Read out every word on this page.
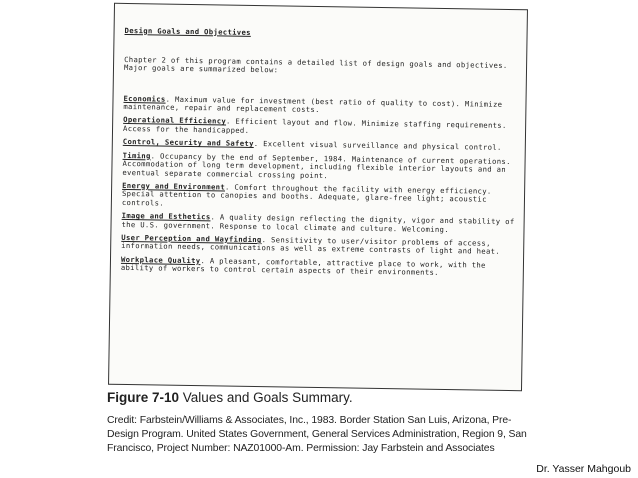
Design Goals and Objectives

Chapter 2 of this program contains a detailed list of design goals and objectives. Major goals are summarized below:

Economics. Maximum value for investment (best ratio of quality to cost). Minimize maintenance, repair and replacement costs.
Operational Efficiency. Efficient layout and flow. Minimize staffing requirements. Access for the handicapped.
Control, Security and Safety. Excellent visual surveillance and physical control.
Timing. Occupancy by the end of September, 1984. Maintenance of current operations. Accommodation of long term development, including flexible interior layouts and an eventual separate commercial crossing point.
Energy and Environment. Comfort throughout the facility with energy efficiency. Special attention to canopies and booths. Adequate, glare-free light; acoustic controls.
Image and Esthetics. A quality design reflecting the dignity, vigor and stability of the U.S. government. Response to local climate and culture. Welcoming.
User Perception and Wayfinding. Sensitivity to user/visitor problems of access, information needs, communications as well as extreme contrasts of light and heat.
Workplace Quality. A pleasant, comfortable, attractive place to work, with the ability of workers to control certain aspects of their environments.

Figure 7-10 Values and Goals Summary.
Credit: Farbstein/Williams & Associates, Inc., 1983. Border Station San Luis, Arizona, Pre-Design Program. United States Government, General Services Administration, Region 9, San Francisco, Project Number: NAZ01000-Am. Permission: Jay Farbstein and Associates
Dr. Yasser Mahgoub
